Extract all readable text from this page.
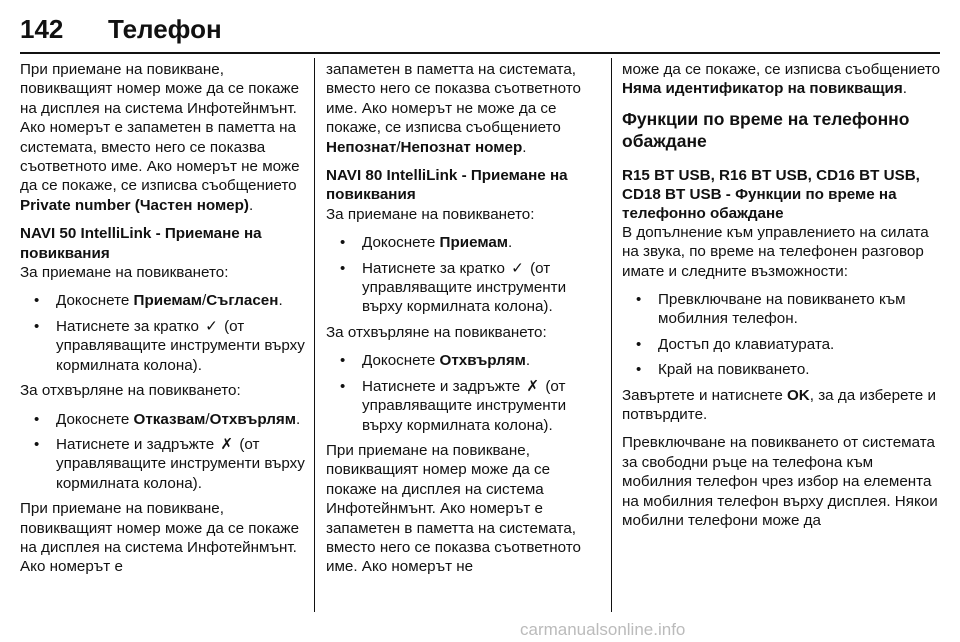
142 Телефон

При приемане на повикване, повикващият номер може да се покаже на дисплея на система Инфотейнмънт. Ако номерът е запаметен в паметта на системата, вместо него се показва съответното име. Ако номерът не може да се покаже, се изписва съобщението Private number (Частен номер).

NAVI 50 IntelliLink - Приемане на повиквания

За приемане на повикването:

• Докоснете Приемам/Съгласен.
• Натиснете за кратко ✓ (от управляващите инструменти върху кормилната колона).

За отхвърляне на повикването:

• Докоснете Отказвам/Отхвърлям.
• Натиснете и задръжте ✗ (от управляващите инструменти върху кормилната колона).

При приемане на повикване, повикващият номер може да се покаже на дисплея на система Инфотейнмънт. Ако номерът е

запаметен в паметта на системата, вместо него се показва съответното име. Ако номерът не може да се покаже, се изписва съобщението Непознат/Непознат номер.

NAVI 80 IntelliLink - Приемане на повиквания

За приемане на повикването:

• Докоснете Приемам.
• Натиснете за кратко ✓ (от управляващите инструменти върху кормилната колона).

За отхвърляне на повикването:

• Докоснете Отхвърлям.
• Натиснете и задръжте ✗ (от управляващите инструменти върху кормилната колона).

При приемане на повикване, повикващият номер може да се покаже на дисплея на система Инфотейнмънт. Ако номерът е запаметен в паметта на системата, вместо него се показва съответното име. Ако номерът не

може да се покаже, се изписва съобщението Няма идентификатор на повикващия.

Функции по време на телефонно обаждане
R15 BT USB, R16 BT USB, CD16 BT USB, CD18 BT USB - Функции по време на телефонно обаждане

В допълнение към управлението на силата на звука, по време на телефонен разговор имате и следните възможности:

• Превключване на повикването към мобилния телефон.
• Достъп до клавиатурата.
• Край на повикването.

Завъртете и натиснете OK, за да изберете и потвърдите.

Превключване на повикването от системата за свободни ръце на телефона към мобилния телефон чрез избор на елемента на мобилния телефон върху дисплея. Някои мобилни телефони може да

carmanualsonline.info
